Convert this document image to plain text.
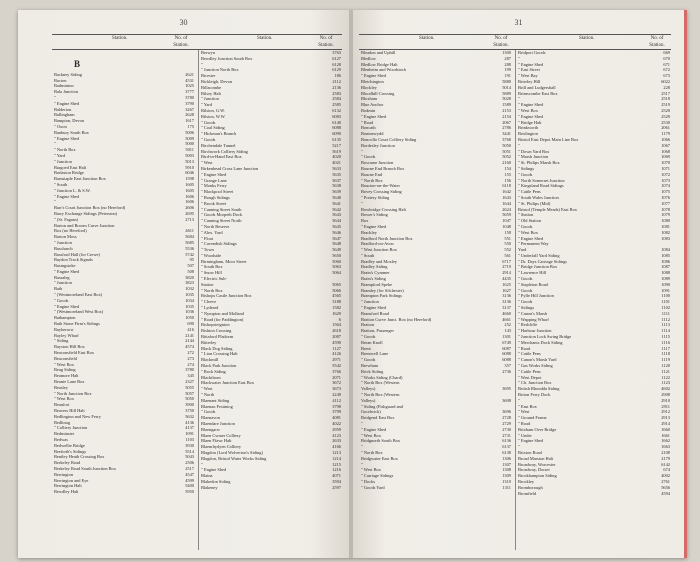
30
Station.	No. of Station.
Station.	No. of Station.
B
Backney Siding	2621
Bacton	4531
Badminton	1025
Bala Junction	3777
"	3780
" Engine Shed	3790
Balderton	3267
Ballingham	2628
Bampton, Devon	1617
" Oxon	175
Banbury South Box	5006
" Engine Shed	5009
"	5000
" North Box	5011
" Yard	5003
" Junction	5013
Bargoed East Halt	5910
Barlaston Bridge	6046
Barnstaple East Junction Box	1598
" South	1605
" Junction L. & S.W.	1605
" Engine Shed	1606
"	1606
Barr's Court Junction Box (no Hereford)	2606
Barry Exchange Sidings (Peterston)	2695
" (St. Fagans)	2713
Barton and Broom Curve Junction
Box (no Hereford)	4611
Barton Moss	5684
" Junction	5685
Baschurch	5536
Bassford Hall (for Crewe)	5742
Baydon Track Signals	95
Basingstoke	507
" Engine Shed	508
Bassaleg	3820
" Junction	3823
Bath	1032
" (Westmoreland East Box)	1035
" Goods	1034
" Engine Shed	1035
" (Westmoreland West Box)	1036
Bathampton	1050
Bath Stone Firm's Sidings	690
Bayberrow	416
Bayley Wharf	2141
" Siding	2144
Bayston Hill Box	4574
Beaconsfield East Box	272
Beaconsfield	273
" West Box	274
Beag Siding	3780
Beamore Halt	345
Beanie Lane Box	2327
Beasley	5055
" North Junction Box	5057
" West Box	5050
Beaufort	3900
Beavers Hill Halt	3750
Bedlington and New Ferry	5632
Bedlinog	4136
" Colliery Junction	4137
Bedminster	1091
Bedwas	1103
Bedwellte Bridge	3930
Beeforth's Sidings	5514
Bentley Heath Crossing Box	5043
Berkeley Road	2506
Berkeley Road South Junction Box	2517
Berrington	4547
Berrington and Eye	4599
Berrington Halt	5400
Bewdley Halt	5950
Berwyn	3763
Bewdley Junction South Box	6127
"	6128
" Junction North Box	6129
Bicester	186
Bickleigh, Devon	2112
Billacombe	2136
Bilsey Halt	2583
" Junction	2584
" Yard	2585
Bilston, G.W.	6132
Bilston, W.W.	6083
" Goods	6140
" Coal Siding	6088
" Hickman's Branch	6090
" Goods	6135
Birchendale Tunnel	5217
Birchwork Colliery Siding	5619
Bird-in-Hand East Box	4020
" West	4021
Birkenhead Cross Lane Junction	5633
" Engine Shed	5635
" Grange Lane	5637
" Monks Ferry	5638
" Blackpool Street	5639
" Bough Sidings	5640
" Brook Street	5641
" Canning Street South	5642
" Goods Morpeth Dock	5643
" Canning Street North	5644
" North Reserve	5645
" Alex. Yard	5646
" Float	5647
" Cavendish Sidings	5648
" Town	5649
" Woodside	5650
Birmingham, Moor Street	5060
" South Box	5063
" Snow Hill	5064
" Electric Sub-
Station	5065
" North Box	5066
Bishops Castle Junction Box	4565
" Cleeve	3188
" Lydeard	1582
" Nympton and Molland	1629
" Road (for Paddington)	6
Bishopsteignton	1564
Bishton Crossing	2618
Bittaford Platform	2087
Bitterley	4590
Black Dog Siding	1127
" Lion Crossing Halt	4126
Blackmill	2971
Black Park Junction	5542
" Rock Siding	3766
Blackthorn	2071
Blackwater Junction East Box	3672
" West	3673
" North	2249
Blaenant Siding	4112
Blaenau Festiniog	3798
" Goods	3799
Blaenavon	4081
Blaendare Junction	4022
Blaengarw	2959
Blaen Cwmer Colliery	4123
Blaen Ffawr Halt	2633
Blaenrhydyen Colliery	4166
Blagdon (Lord Wolverton's Siding)	1213
Blagdon, Bristol Water Works Siding	1214
"	1215
" Engine Shed	1216
Blaina	4071
Blakedon Siding	3594
Blakeney	2597
31
Station.	No. of Station.
Station.	No. of Station.
Bleadon and Uphill	1300
Bledlow	287
Bledlow Bridge Halt	288
Blenheim and Woodstock	199
" Engine Shed	191
Bletchington	5880
Blockley	5014
Bloodhill Crossing	5889
Bloxham	5028
Blue Anchor	1589
Bodmin	2153
" Engine Shed	2154
" Road	2067
Boncath	2786
Bontnewydd	3441
Boncollo Court Colliery Siding	3768
Bordesley Junction	5050
"	5051
" Goods	5052
Boscarne Junction	2160
Bourne End Branch Box	154
Bourne End	155
" North Box	156
Bourton-on-the-Water	6118
Bovey Crossing Siding	1642
" Pottery Siding	1643
"	1644
Bowbridge Crossing Halt	2624
Bower's Siding	5659
Box	1047
" Engine Shed	1048
Brackley	158
Bradford North Junction Box	551
Bradford-on-Avon	550
" West Junction Box	552
" South	561
Bradley and Moxley	6717
Bradley Siding	2719
Brain's Cymmer	2914
Brain's Siding	4435
Brampford Speke	1625
Bramley (for Silchester)	1627
Brampton Park Sidings	3136
" Junction	3136
" Engine Shed	3137
Bransford Road	4660
Bratton Curve Junct. Box (no Hereford)	4661
Bratton	252
Bratton, Passenger	143
" Goods	1301
Brean Knoll	6749
Brent	6087
Brentwell Lane	6088
" Goods	6088
Brewham	357
Brick Siding	2736
" Works Siding (Chard)
" North Box (Western
Valleys)	3695
" North Box (Western
Valleys)	3698
" Siding (Fishguard and
Goodwick)	3696
Bridgend East Box	2728
"	2729
" Engine Shed	2730
" West Box	2731
Bridgnorth South Box	6136
"	6137
" North Box	6138
Bridgwater East Box	1306
"	1307
" West Box	1308
" Carriage Sidings	1309
" Docks	1310
" Goods Yard	1311
Bridport Goods	669
"	670
" Engine Shed	671
" East Street	672
" West Bay	673
Brierley Hill	6022
Brill and Ludgershall	228
Brimscombe East Box	2517
"	2518
" Engine Shed	2519
" West Box	2520
" Engine Shed	2529
" Bridge Halt	2530
Brinkworth	2061
Brislington	1179
Bristol East Depot Main Line Box	1066
"	1067
" Down Yard Box	1068
" Marsh Junction	1069
" St. Philips Marsh Box	1070
" Sidings	1071
" Goods	1072
" North Somerset Junction	1073
" Kingsland Road Sidings	1074
" Cattle Pens	1075
" South Wales Junction	1076
" St. Philips (Mid)	1077
Bristol (Temple Meads) East Box	1078
" Station	1079
" Old Station	1080
" Goods	1081
" West Box	1082
" Engine Shed	1083
" Permanent Way
Yard	1084
" Underfall Yard Siding	1085
" Dr. Days Carriage Sidings	1086
" Bridge Junction Box	1087
" Lawrence Hill	1088
" Goods	1089
" Stapleton Road	1090
" Goods	1091
" Pylle Hill Junction	1100
" Goods	1101
" Sidings	1102
" Canon's Marsh	1111
" Wapping Wharf	1112
" Redcliffe	1113
" Harbour Junction	1114
" Junction Lock Swing Bridge	1115
" Merchants Dock Siding	1116
" Road	1117
" Cattle Pens	1118
" Canon's Marsh Yard	1119
" Gas Works Siding	1120
" Cattle Pens	1121
" West Depot	1122
" Ch. Junction Box	1123
British Rhondda Siding	4602
Briton Ferry Dock	2908
"	2910
" East Box	2911
" West	2912
" Ground Frame	2913
" Road	2914
Brixham Over Bridge	1660
" Under	1661
" Engine Shed	1662
"	1663
Brixton Road	2108
Broad Marston Halt	2179
Broadway, Worcester	6142
Broadway, Dorset	674
Brockhampton Siding	4002
Brockley	2761
Bromborough	5656
Bromfield	4594
